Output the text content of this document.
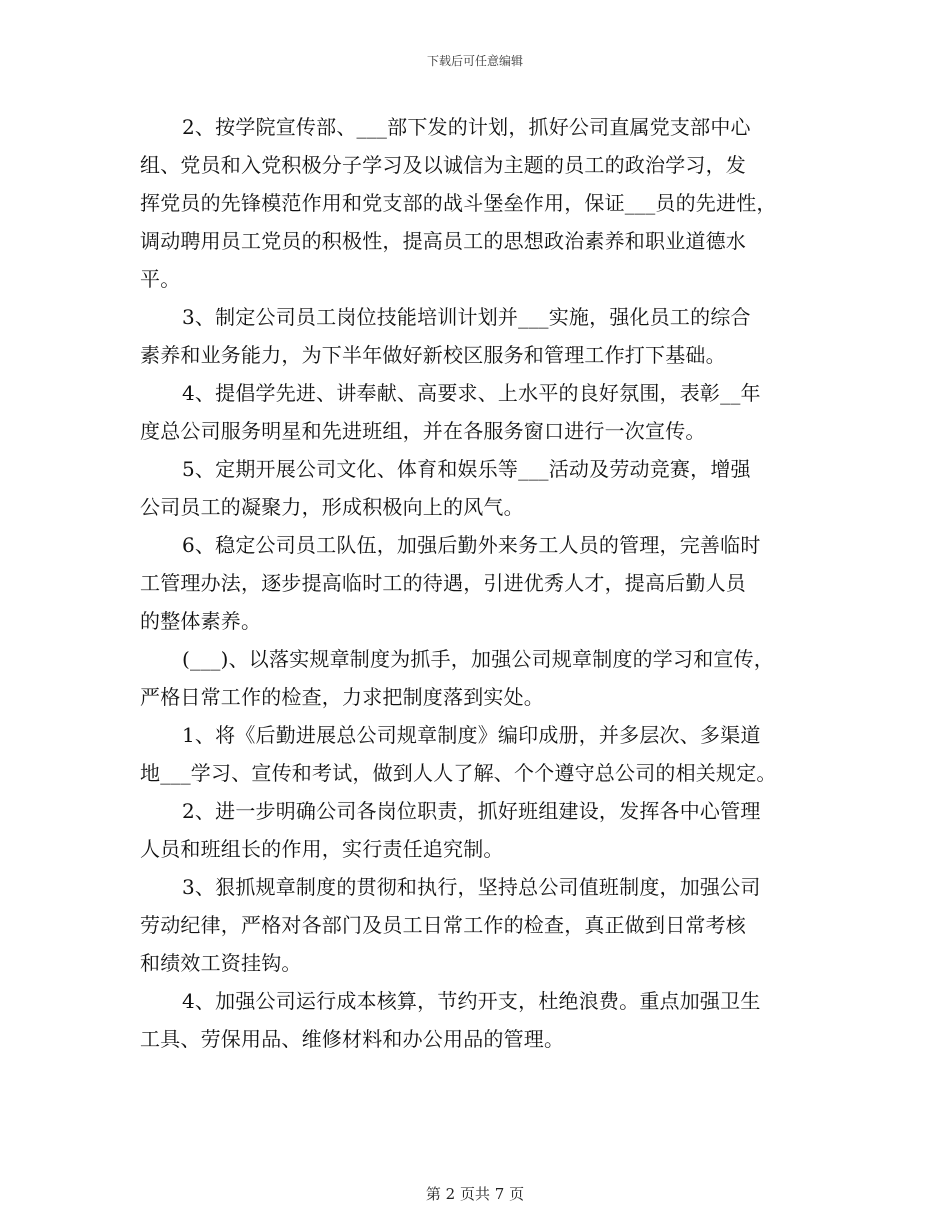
下载后可任意编辑
2、按学院宣传部、___部下发的计划，抓好公司直属党支部中心
组、党员和入党积极分子学习及以诚信为主题的员工的政治学习，发
挥党员的先锋模范作用和党支部的战斗堡垒作用，保证___员的先进性，
调动聘用员工党员的积极性，提高员工的思想政治素养和职业道德水
平。
3、制定公司员工岗位技能培训计划并___实施，强化员工的综合
素养和业务能力，为下半年做好新校区服务和管理工作打下基础。
4、提倡学先进、讲奉献、高要求、上水平的良好氛围，表彰__年
度总公司服务明星和先进班组，并在各服务窗口进行一次宣传。
5、定期开展公司文化、体育和娱乐等___活动及劳动竞赛，增强
公司员工的凝聚力，形成积极向上的风气。
6、稳定公司员工队伍，加强后勤外来务工人员的管理，完善临时
工管理办法，逐步提高临时工的待遇，引进优秀人才，提高后勤人员
的整体素养。
(___)、以落实规章制度为抓手，加强公司规章制度的学习和宣传，
严格日常工作的检查，力求把制度落到实处。
1、将《后勤进展总公司规章制度》编印成册，并多层次、多渠道
地___学习、宣传和考试，做到人人了解、个个遵守总公司的相关规定。
2、进一步明确公司各岗位职责，抓好班组建设，发挥各中心管理
人员和班组长的作用，实行责任追究制。
3、狠抓规章制度的贯彻和执行，坚持总公司值班制度，加强公司
劳动纪律，严格对各部门及员工日常工作的检查，真正做到日常考核
和绩效工资挂钩。
4、加强公司运行成本核算，节约开支，杜绝浪费。重点加强卫生
工具、劳保用品、维修材料和办公用品的管理。
第 2 页共 7 页
